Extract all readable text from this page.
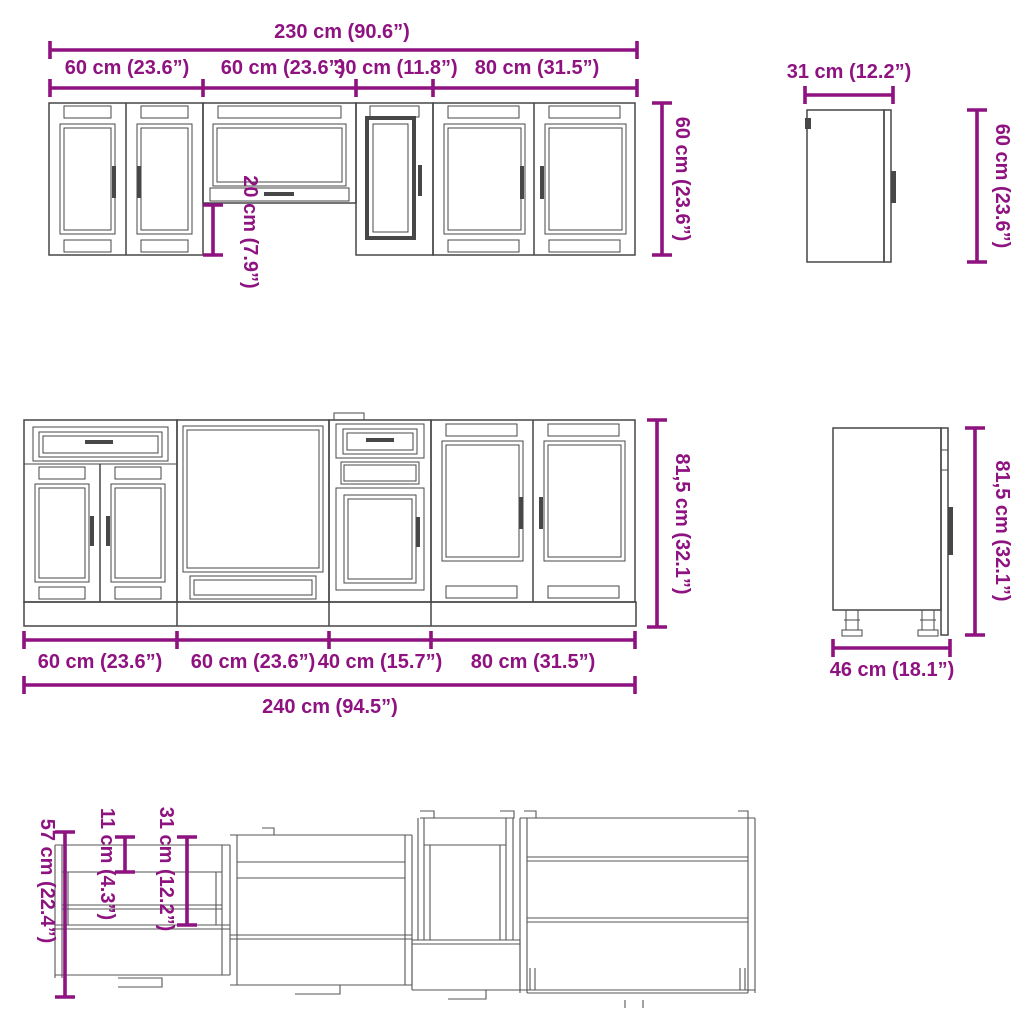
230 cm (90.6”)
60 cm (23.6”) 60 cm (23.6”)
30 cm (11.8”) 80 cm (31.5”)
60 cm (23.6”)
20 cm (7.9”)
31 cm (12.2”)
60 cm (23.6”)
81,5 cm (32.1”)
60 cm (23.6”) 60 cm (23.6”) 40 cm (15.7”) 80 cm (31.5”)
240 cm (94.5”)
46 cm (18.1”)
81,5 cm (32.1”)
57 cm (22.4”) 11 cm (4.3”) 31 cm (12.2”)
